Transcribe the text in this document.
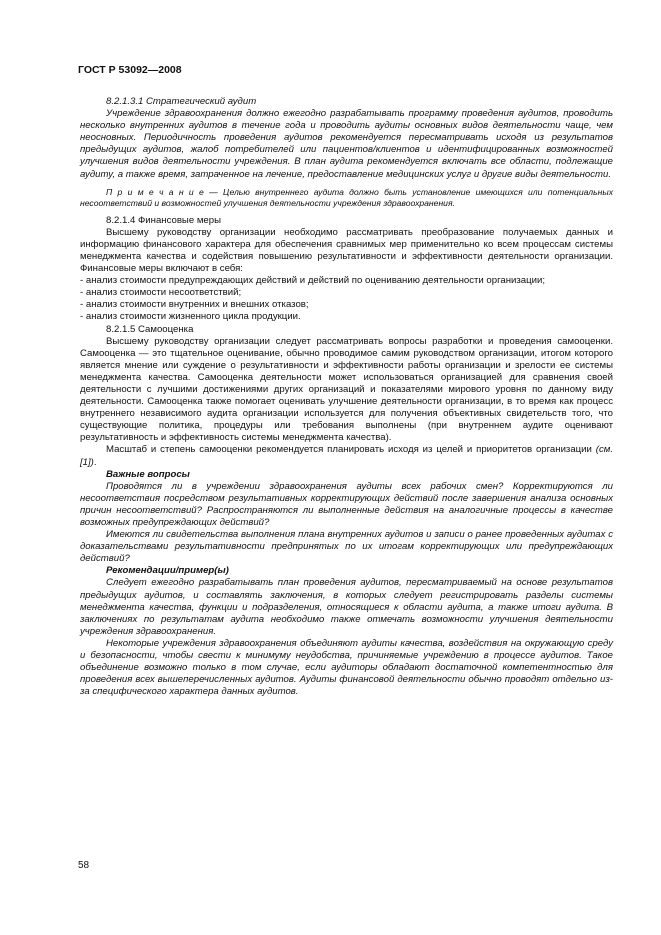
ГОСТ Р 53092—2008

8.2.1.3.1 Стратегический аудит

Учреждение здравоохранения должно ежегодно разрабатывать программу проведения аудитов, проводить несколько внутренних аудитов в течение года и проводить аудиты основных видов деятельности чаще, чем неосновных. Периодичность проведения аудитов рекомендуется пересматривать исходя из результатов предыдущих аудитов, жалоб потребителей или пациентов/клиентов и идентифицированных возможностей улучшения видов деятельности учреждения. В план аудита рекомендуется включать все области, подлежащие аудиту, а также время, затраченное на лечение, предоставление медицинских услуг и другие виды деятельности.

П р и м е ч а н и е — Целью внутреннего аудита должно быть установление имеющихся или потенциальных несоответствий и возможностей улучшения деятельности учреждения здравоохранения.

8.2.1.4 Финансовые меры

Высшему руководству организации необходимо рассматривать преобразование получаемых данных и информацию финансового характера для обеспечения сравнимых мер применительно ко всем процессам системы менеджмента качества и содействия повышению результативности и эффективности деятельности организации. Финансовые меры включают в себя:

- анализ стоимости предупреждающих действий и действий по оцениванию деятельности организации;

- анализ стоимости несоответствий;

- анализ стоимости внутренних и внешних отказов;

- анализ стоимости жизненного цикла продукции.

8.2.1.5 Самооценка

Высшему руководству организации следует рассматривать вопросы разработки и проведения самооценки. Самооценка — это тщательное оценивание, обычно проводимое самим руководством организации, итогом которого является мнение или суждение о результативности и эффективности работы организации и зрелости ее системы менеджмента качества. Самооценка деятельности может использоваться организацией для сравнения своей деятельности с лучшими достижениями других организаций и показателями мирового уровня по данному виду деятельности. Самооценка также помогает оценивать улучшение деятельности организации, в то время как процесс внутреннего независимого аудита организации используется для получения объективных свидетельств того, что существующие политика, процедуры или требования выполнены (при внутреннем аудите оценивают результативность и эффективность системы менеджмента качества).

Масштаб и степень самооценки рекомендуется планировать исходя из целей и приоритетов организации (см. [1]).

Важные вопросы

Проводятся ли в учреждении здравоохранения аудиты всех рабочих смен? Корректируются ли несоответствия посредством результативных корректирующих действий после завершения анализа основных причин несоответствий? Распространяются ли выполненные действия на аналогичные процессы в качестве возможных предупреждающих действий?

Имеются ли свидетельства выполнения плана внутренних аудитов и записи о ранее проведенных аудитах с доказательствами результативности предпринятых по их итогам корректирующих или предупреждающих действий?

Рекомендации/пример(ы)

Следует ежегодно разрабатывать план проведения аудитов, пересматриваемый на основе результатов предыдущих аудитов, и составлять заключения, в которых следует регистрировать разделы системы менеджмента качества, функции и подразделения, относящиеся к области аудита, а также итоги аудита. В заключениях по результатам аудита необходимо также отмечать возможности улучшения деятельности учреждения здравоохранения.

Некоторые учреждения здравоохранения объединяют аудиты качества, воздействия на окружающую среду и безопасности, чтобы свести к минимуму неудобства, причиняемые учреждению в процессе аудитов. Такое объединение возможно только в том случае, если аудиторы обладают достаточной компетентностью для проведения всех вышеперечисленных аудитов. Аудиты финансовой деятельности обычно проводят отдельно из-за специфического характера данных аудитов.

58
